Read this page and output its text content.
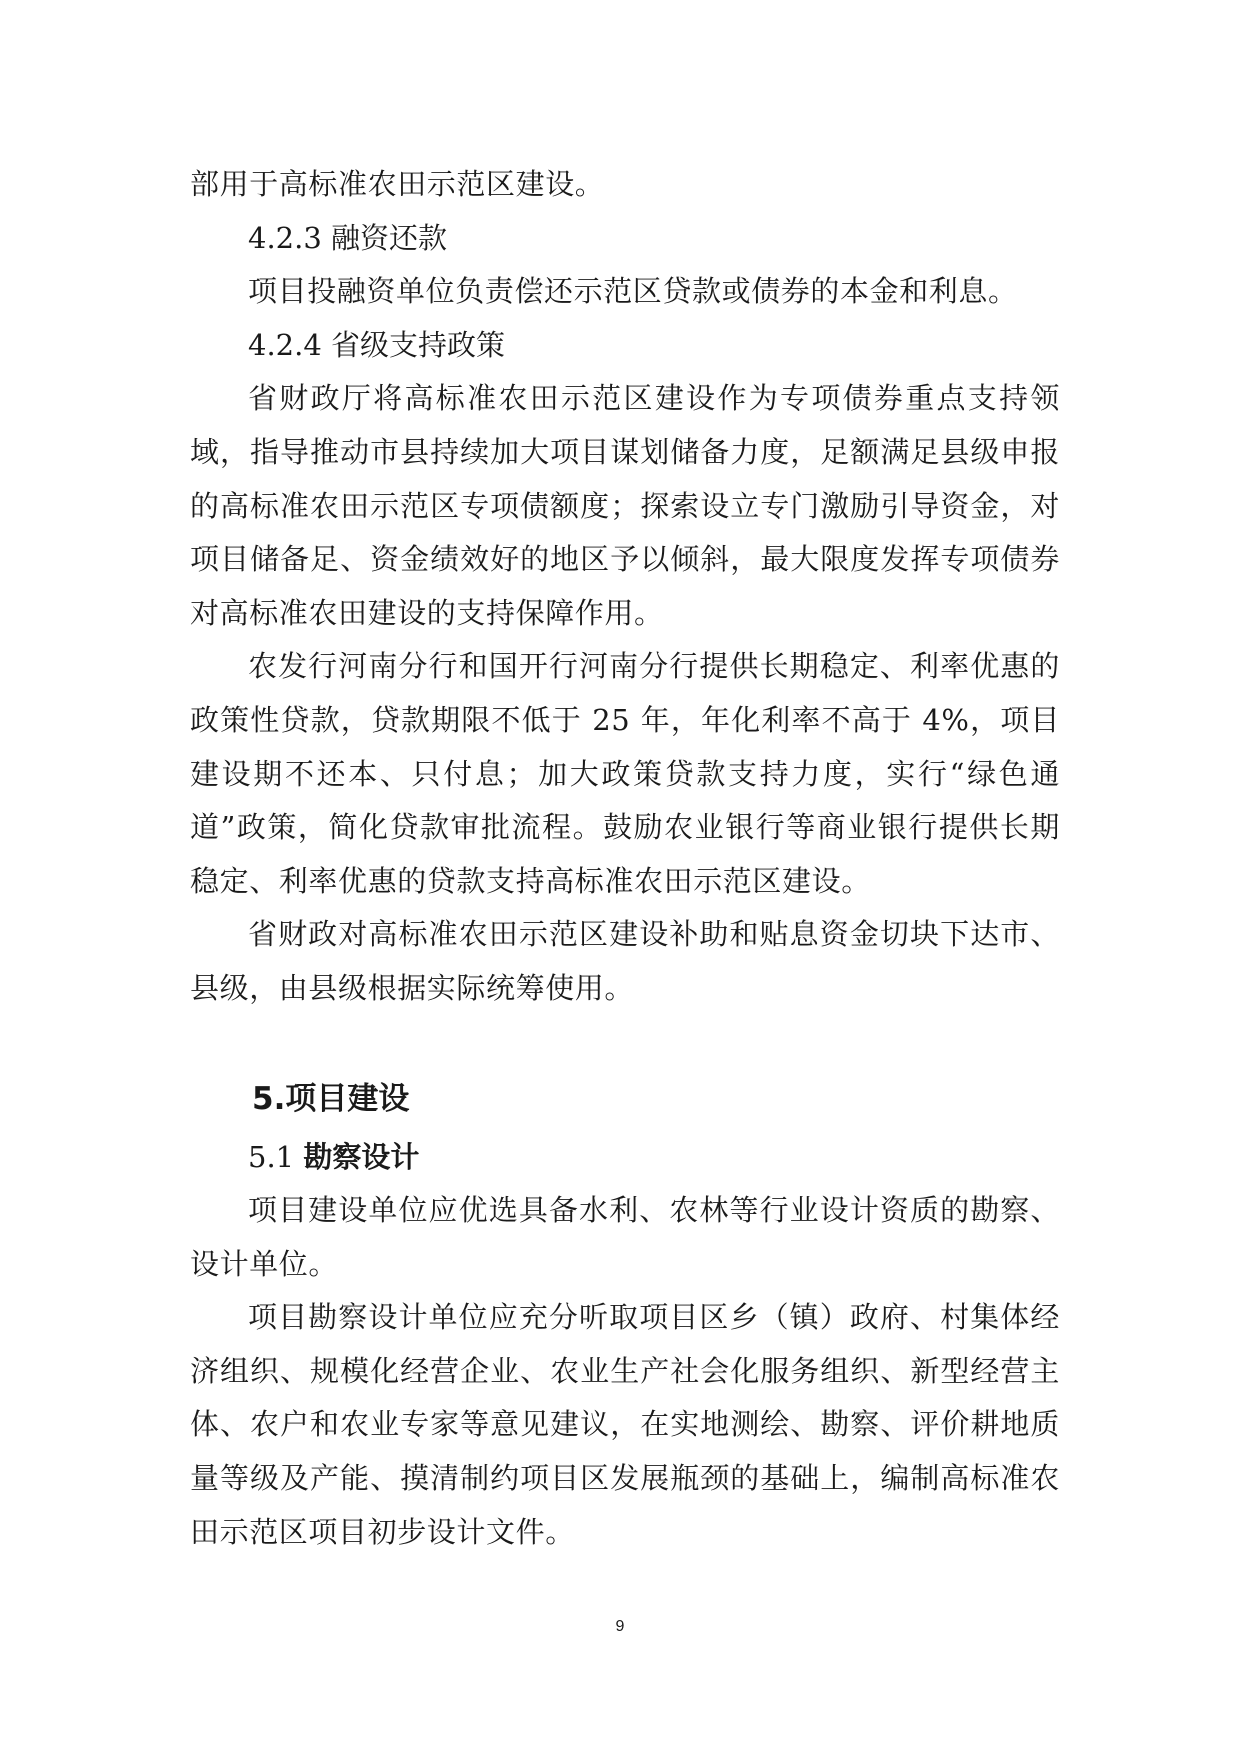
部用于高标准农田示范区建设。

4.2.3 融资还款

项目投融资单位负责偿还示范区贷款或债券的本金和利息。

4.2.4 省级支持政策

省财政厅将高标准农田示范区建设作为专项债券重点支持领域，指导推动市县持续加大项目谋划储备力度，足额满足县级申报的高标准农田示范区专项债额度；探索设立专门激励引导资金，对项目储备足、资金绩效好的地区予以倾斜，最大限度发挥专项债券对高标准农田建设的支持保障作用。

农发行河南分行和国开行河南分行提供长期稳定、利率优惠的政策性贷款，贷款期限不低于 25 年，年化利率不高于 4%，项目建设期不还本、只付息；加大政策贷款支持力度，实行“绿色通道”政策，简化贷款审批流程。鼓励农业银行等商业银行提供长期稳定、利率优惠的贷款支持高标准农田示范区建设。

省财政对高标准农田示范区建设补助和贴息资金切块下达市、县级，由县级根据实际统筹使用。

5.项目建设

5.1 勘察设计

项目建设单位应优选具备水利、农林等行业设计资质的勘察、设计单位。

项目勘察设计单位应充分听取项目区乡（镇）政府、村集体经济组织、规模化经营企业、农业生产社会化服务组织、新型经营主体、农户和农业专家等意见建议，在实地测绘、勘察、评价耕地质量等级及产能、摸清制约项目区发展瓶颈的基础上，编制高标准农田示范区项目初步设计文件。

9
